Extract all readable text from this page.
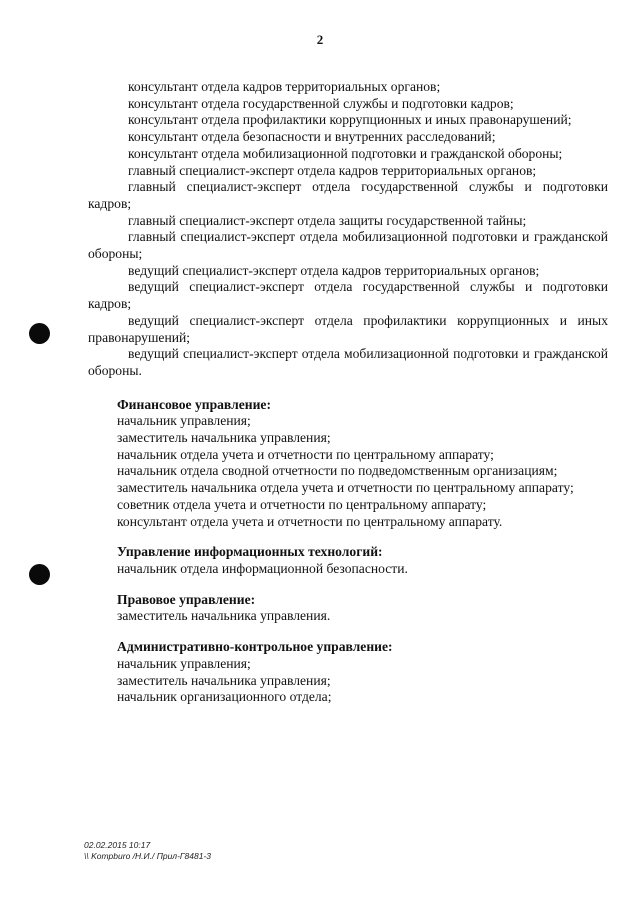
2
консультант отдела кадров территориальных органов;
консультант отдела государственной службы и подготовки кадров;
консультант отдела профилактики коррупционных и иных правонарушений;
консультант отдела безопасности и внутренних расследований;
консультант отдела мобилизационной подготовки и гражданской обороны;
главный специалист-эксперт отдела кадров территориальных органов;
главный специалист-эксперт отдела государственной службы и подготовки кадров;
главный специалист-эксперт отдела защиты государственной тайны;
главный специалист-эксперт отдела мобилизационной подготовки и гражданской обороны;
ведущий специалист-эксперт отдела кадров территориальных органов;
ведущий специалист-эксперт отдела государственной службы и подготовки кадров;
ведущий специалист-эксперт отдела профилактики коррупционных и иных правонарушений;
ведущий специалист-эксперт отдела мобилизационной подготовки и гражданской обороны.
Финансовое управление:
начальник управления;
заместитель начальника управления;
начальник отдела учета и отчетности по центральному аппарату;
начальник отдела сводной отчетности по подведомственным организациям;
заместитель начальника отдела учета и отчетности по центральному аппарату;
советник отдела учета и отчетности по центральному аппарату;
консультант отдела учета и отчетности по центральному аппарату.
Управление информационных технологий:
начальник отдела информационной безопасности.
Правовое управление:
заместитель начальника управления.
Административно-контрольное управление:
начальник управления;
заместитель начальника управления;
начальник организационного отдела;
02.02.2015 10:17
\\ Kompburo /Н.И./ Прил-Г8481-3
